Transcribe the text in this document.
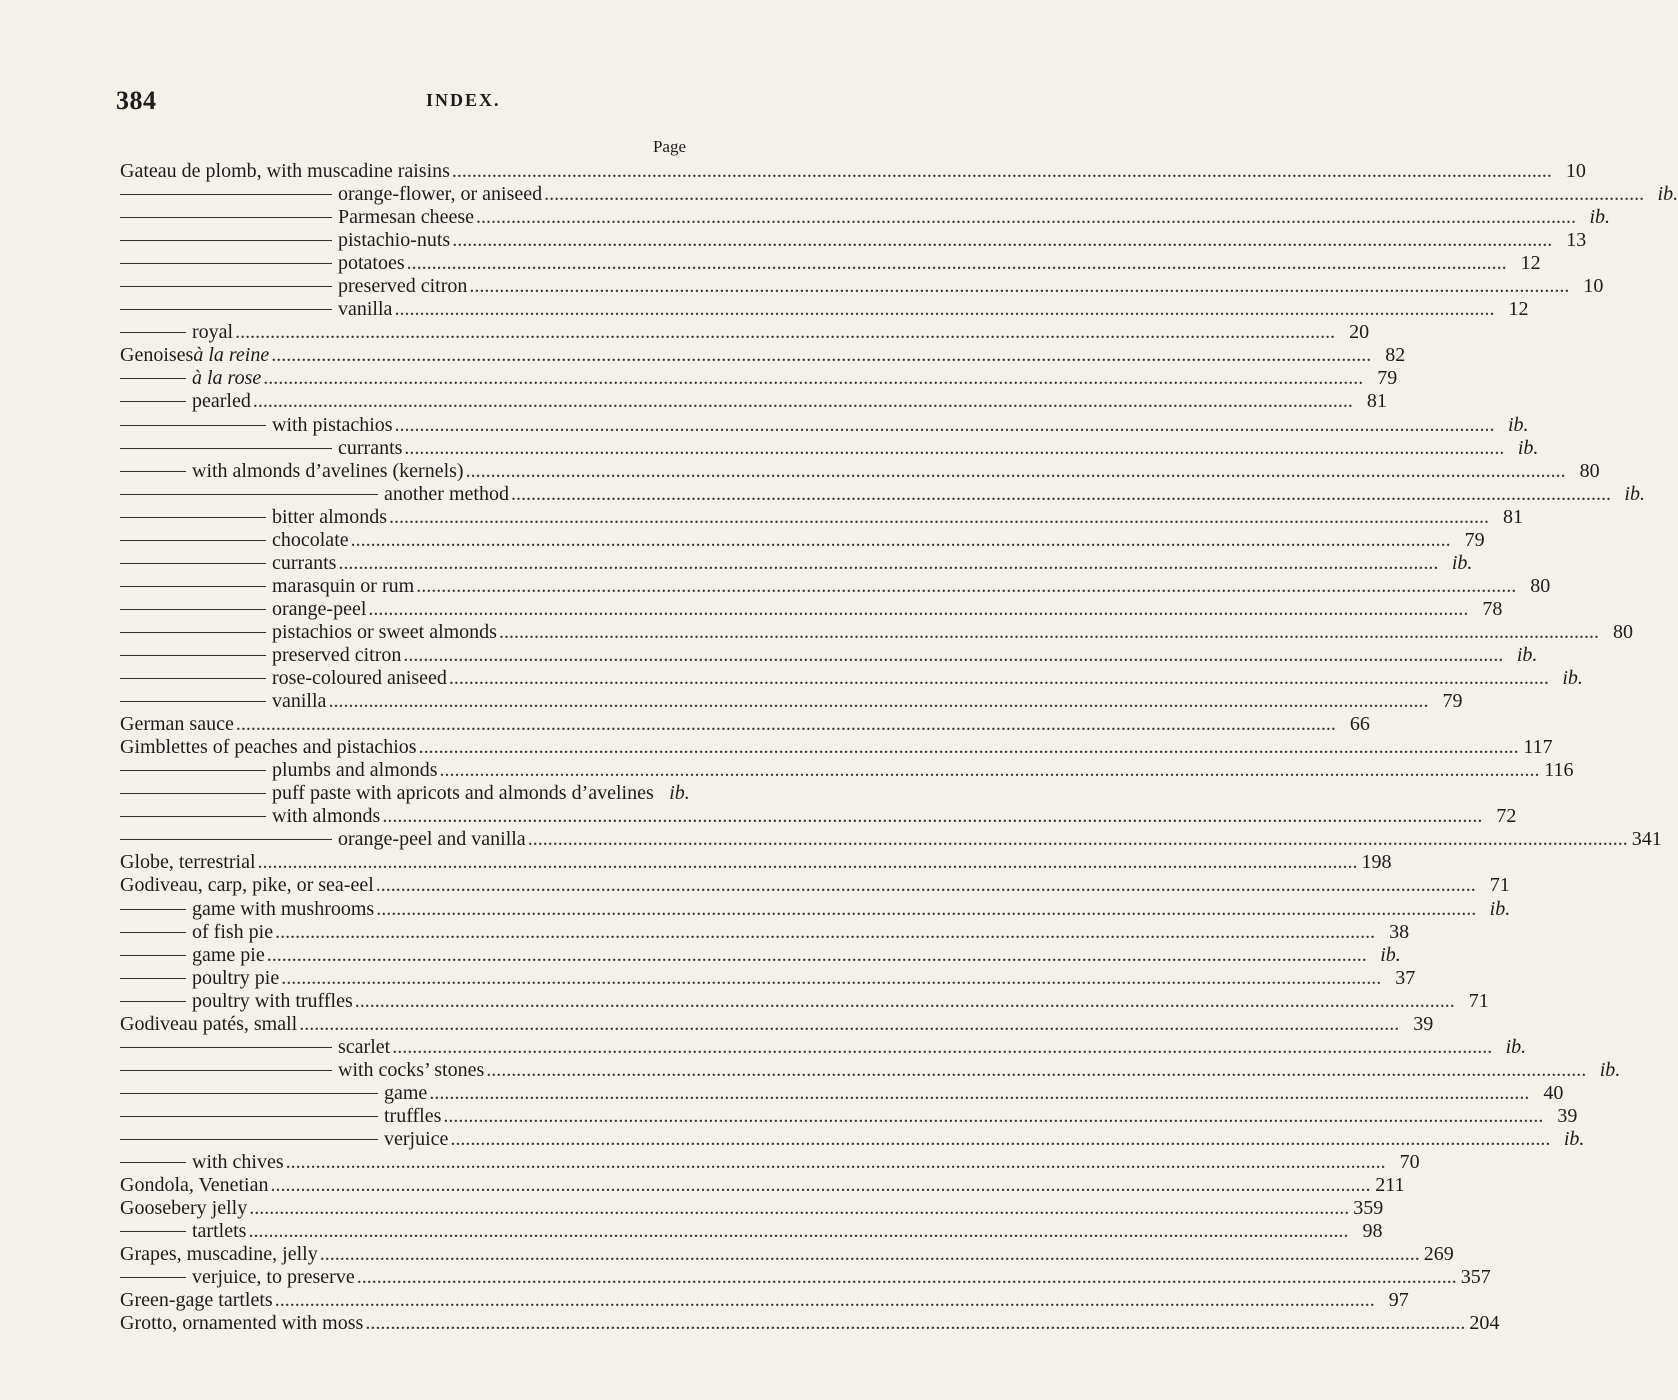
384	INDEX.
Page
Gateau de plomb, with muscadine raisins ............................................................................................................................................................................................................................ 10
orange-flower, or aniseed ............................................................................................................................................................................................................................ ib.
Parmesan cheese ............................................................................................................................................................................................................................ ib.
pistachio-nuts ............................................................................................................................................................................................................................ 13
potatoes ............................................................................................................................................................................................................................ 12
preserved citron ............................................................................................................................................................................................................................ 10
vanilla ............................................................................................................................................................................................................................ 12
royal ............................................................................................................................................................................................................................ 20
Genoises à la reine ............................................................................................................................................................................................................................ 82
à la rose ............................................................................................................................................................................................................................ 79
pearled ............................................................................................................................................................................................................................ 81
with pistachios ............................................................................................................................................................................................................................ ib.
currants ............................................................................................................................................................................................................................ ib.
with almonds d’avelines (kernels) ............................................................................................................................................................................................................................ 80
another method ............................................................................................................................................................................................................................ ib.
bitter almonds ............................................................................................................................................................................................................................ 81
chocolate ............................................................................................................................................................................................................................ 79
currants ............................................................................................................................................................................................................................ ib.
marasquin or rum ............................................................................................................................................................................................................................ 80
orange-peel ............................................................................................................................................................................................................................ 78
pistachios or sweet almonds ............................................................................................................................................................................................................................ 80
preserved citron ............................................................................................................................................................................................................................ ib.
rose-coloured aniseed ............................................................................................................................................................................................................................ ib.
vanilla ............................................................................................................................................................................................................................ 79
German sauce ............................................................................................................................................................................................................................ 66
Gimblettes of peaches and pistachios ............................................................................................................................................................................................................................ 117
plumbs and almonds ............................................................................................................................................................................................................................ 116
puff paste with apricots and almonds d’avelines ib.
with almonds ............................................................................................................................................................................................................................ 72
orange-peel and vanilla ............................................................................................................................................................................................................................ 341
Globe, terrestrial ............................................................................................................................................................................................................................ 198
Godiveau, carp, pike, or sea-eel ............................................................................................................................................................................................................................ 71
game with mushrooms ............................................................................................................................................................................................................................ ib.
of fish pie ............................................................................................................................................................................................................................ 38
game pie ............................................................................................................................................................................................................................ ib.
poultry pie ............................................................................................................................................................................................................................ 37
poultry with truffles ............................................................................................................................................................................................................................ 71
Godiveau patés, small ............................................................................................................................................................................................................................ 39
scarlet ............................................................................................................................................................................................................................ ib.
with cocks’ stones ............................................................................................................................................................................................................................ ib.
game ............................................................................................................................................................................................................................ 40
truffles ............................................................................................................................................................................................................................ 39
verjuice ............................................................................................................................................................................................................................ ib.
with chives ............................................................................................................................................................................................................................ 70
Gondola, Venetian ............................................................................................................................................................................................................................ 211
Goosebery jelly ............................................................................................................................................................................................................................ 359
tartlets ............................................................................................................................................................................................................................ 98
Grapes, muscadine, jelly ............................................................................................................................................................................................................................ 269
verjuice, to preserve ............................................................................................................................................................................................................................ 357
Green-gage tartlets ............................................................................................................................................................................................................................ 97
Grotto, ornamented with moss ............................................................................................................................................................................................................................ 204
